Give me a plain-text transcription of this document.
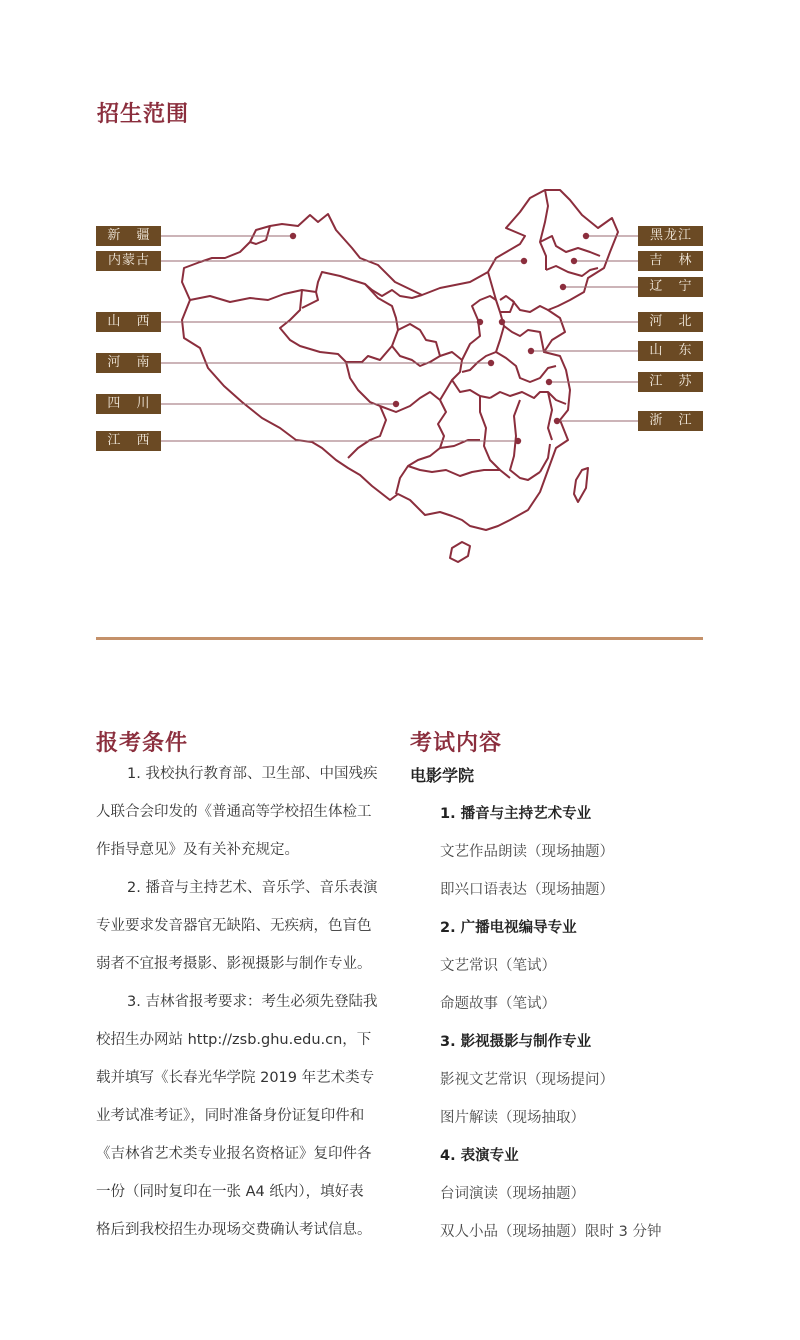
招生范围
新 疆
内蒙古
山 西
河 南
四 川
江 西
黑龙江
吉 林
辽 宁
河 北
山 东
江 苏
浙 江
报考条件

1. 我校执行教育部、卫生部、中国残疾

人联合会印发的《普通高等学校招生体检工

作指导意见》及有关补充规定。

2. 播音与主持艺术、音乐学、音乐表演

专业要求发音器官无缺陷、无疾病，色盲色

弱者不宜报考摄影、影视摄影与制作专业。

3. 吉林省报考要求：考生必须先登陆我

校招生办网站 http://zsb.ghu.edu.cn，下

载并填写《长春光华学院 2019 年艺术类专

业考试准考证》，同时准备身份证复印件和

《吉林省艺术类专业报名资格证》复印件各

一份（同时复印在一张 A4 纸内），填好表

格后到我校招生办现场交费确认考试信息。

考试内容

电影学院

1. 播音与主持艺术专业

文艺作品朗读（现场抽题）

即兴口语表达（现场抽题）

2. 广播电视编导专业

文艺常识（笔试）

命题故事（笔试）

3. 影视摄影与制作专业

影视文艺常识（现场提问）

图片解读（现场抽取）

4. 表演专业

台词演读（现场抽题）

双人小品（现场抽题）限时 3 分钟
